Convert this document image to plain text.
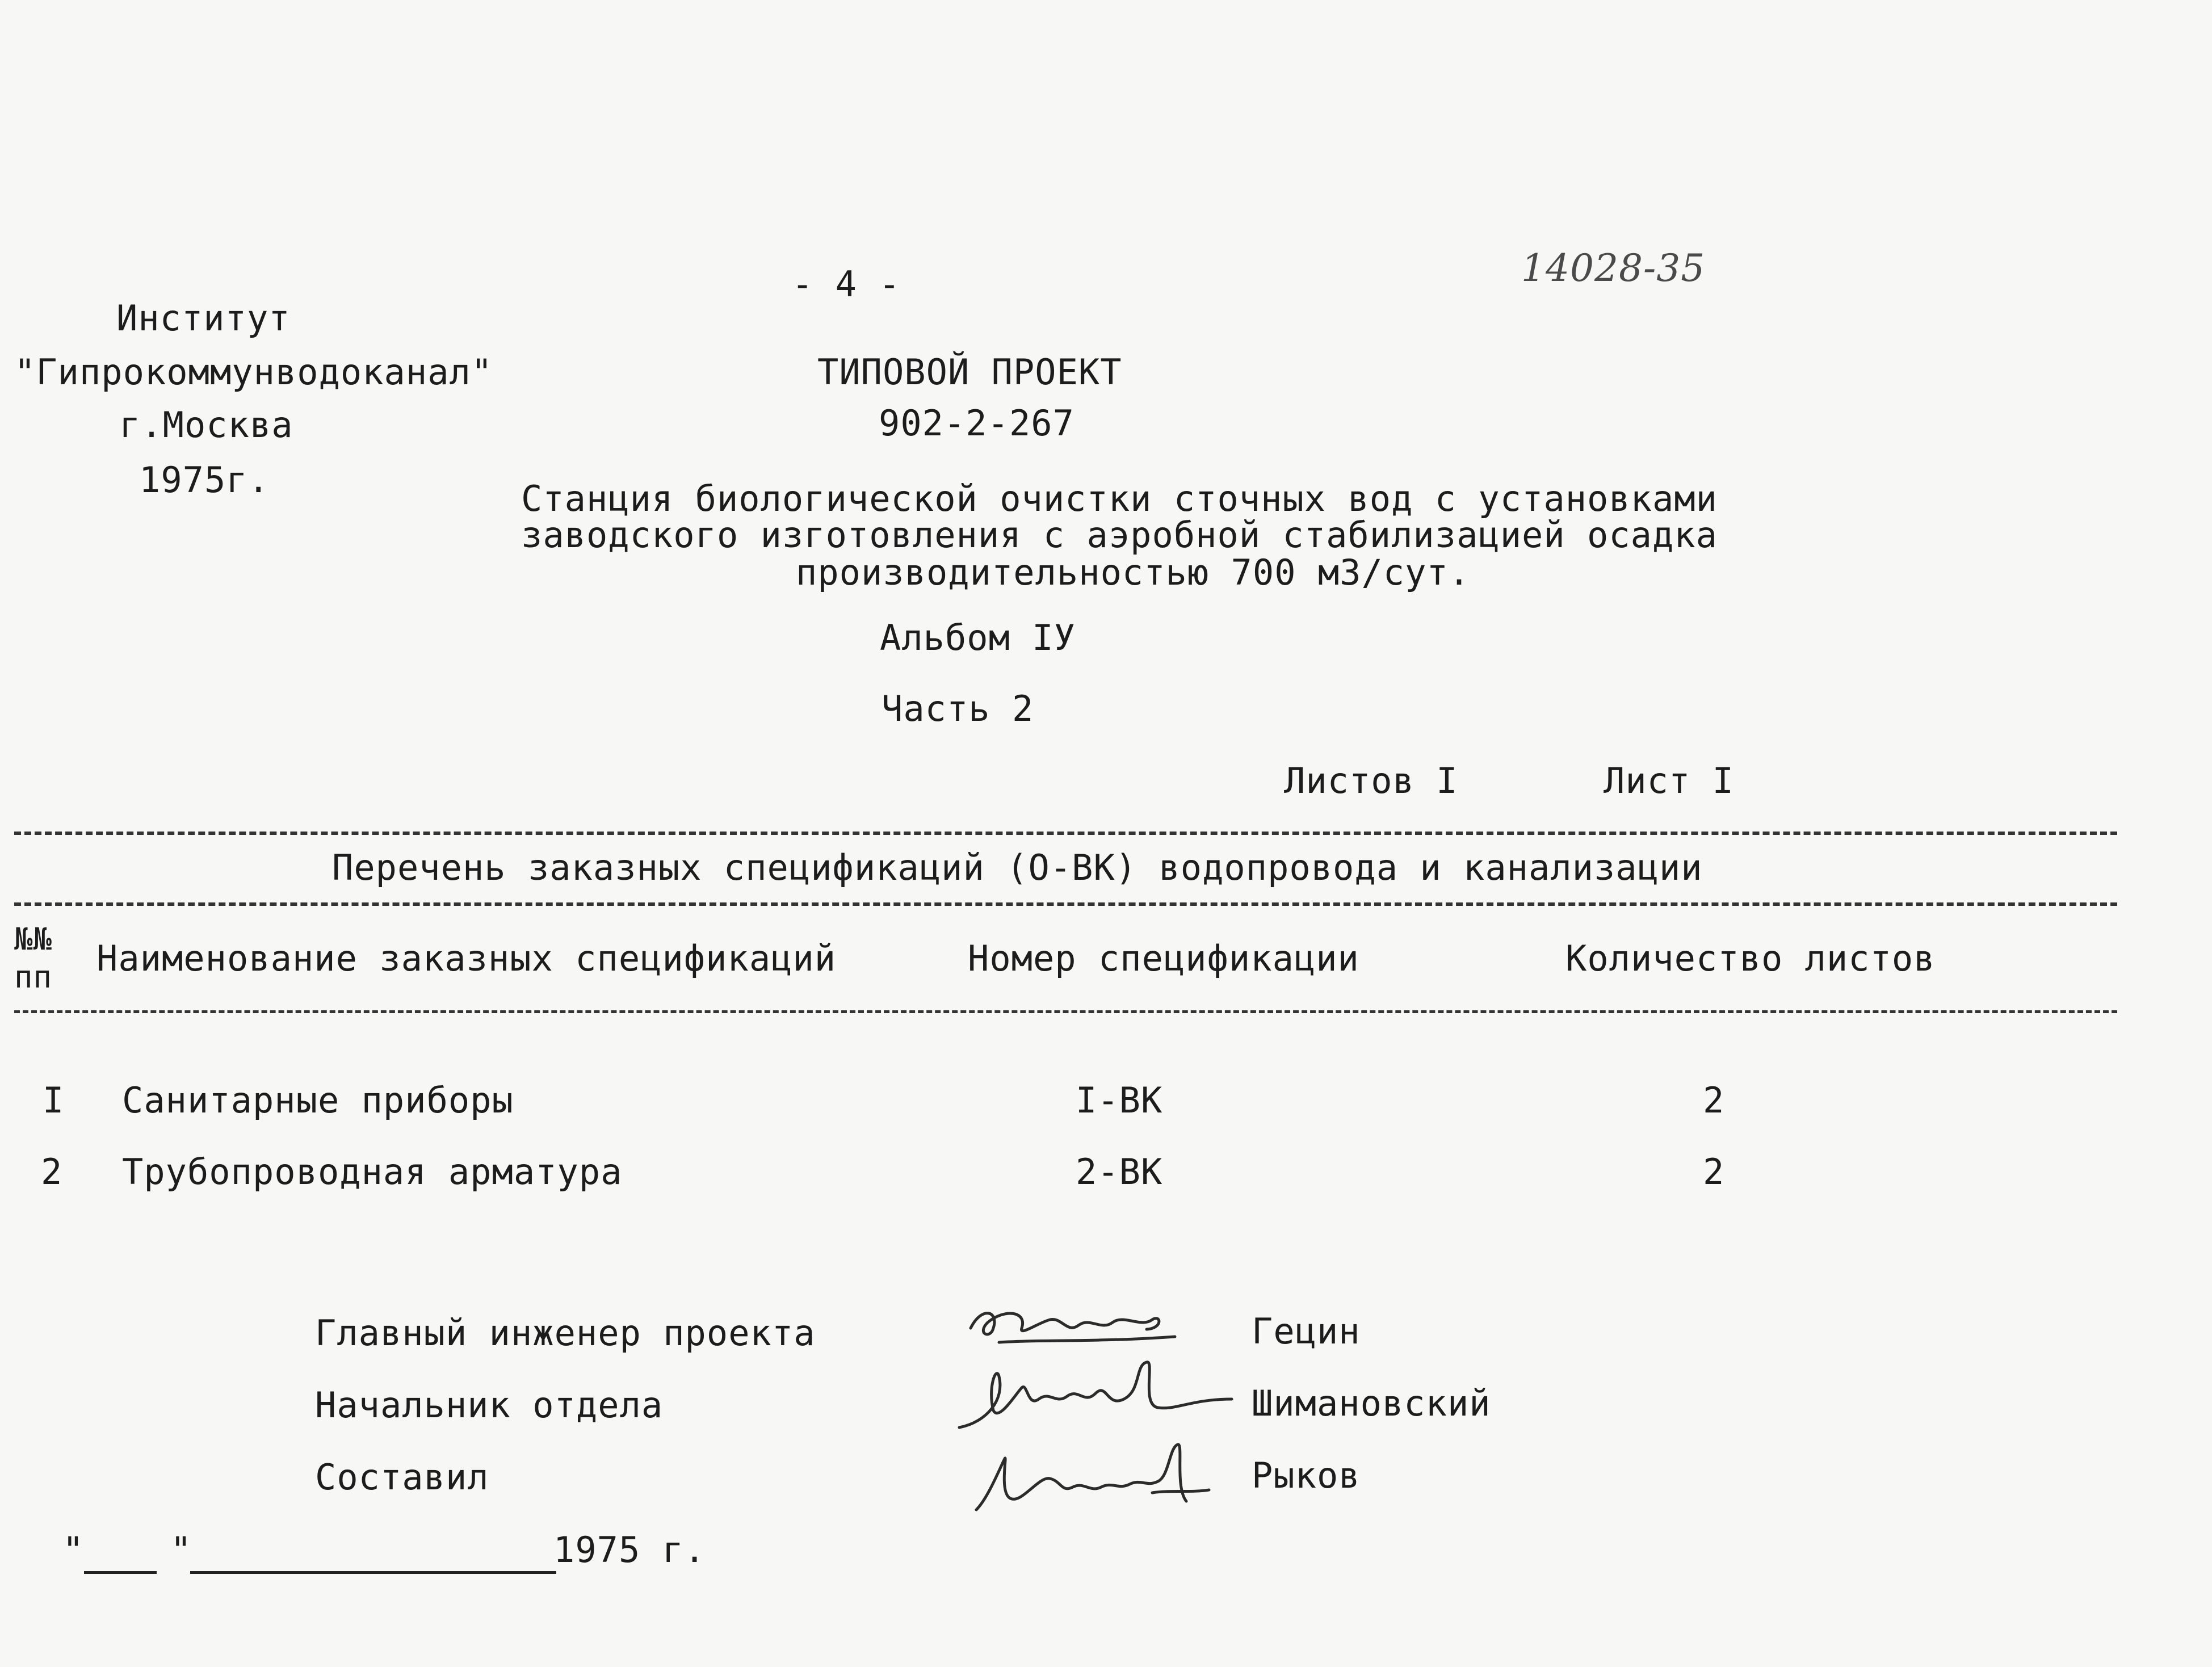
- 4 -	14028-35
Институт
"Гипрокоммунводоканал"
г.Москва
1975г.
ТИПОВОЙ ПРОЕКТ
902-2-267
Станция биологической очистки сточных вод с установками
заводского изготовления с аэробной стабилизацией осадка
производительностью 700 м3/сут.
Альбом IУ
Часть 2
Листов I	Лист I
Перечень заказных спецификаций (О-ВК) водопровода и канализации
№№
пп Наименование заказных спецификаций	Номер спецификации	Количество листов
I Санитарные приборы	I-ВК	2
2 Трубопроводная арматура	2-ВК	2
Главный инженер проекта
Начальник отдела
Составил
Гецин
Шимановский
Рыков
" "	1975 г.
